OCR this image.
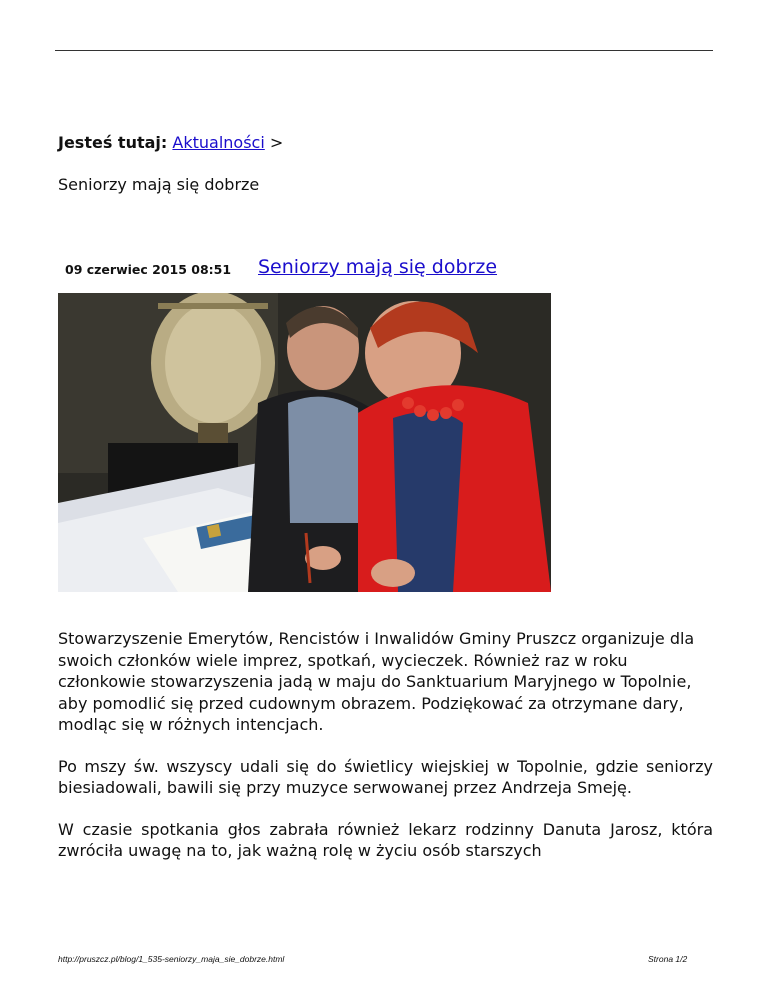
Jesteś tutaj: Aktualności >
Seniorzy mają się dobrze
09 czerwiec 2015 08:51 Seniorzy mają się dobrze

Stowarzyszenie Emerytów, Rencistów i Inwalidów Gminy Pruszcz organizuje dla swoich członków wiele imprez, spotkań, wycieczek. Również raz w roku członkowie stowarzyszenia jadą w maju do Sanktuarium Maryjnego w Topolnie, aby pomodlić się przed cudownym obrazem. Podziękować za otrzymane dary, modląc się w różnych intencjach.

Po mszy św. wszyscy udali się do świetlicy wiejskiej w Topolnie, gdzie seniorzy biesiadowali, bawili się przy muzyce serwowanej przez Andrzeja Smeję.

W czasie spotkania głos zabrała również lekarz rodzinny Danuta Jarosz, która zwróciła uwagę na to, jak ważną rolę w życiu osób starszych

http://pruszcz.pl/blog/1_535-seniorzy_maja_sie_dobrze.html	Strona 1/2
